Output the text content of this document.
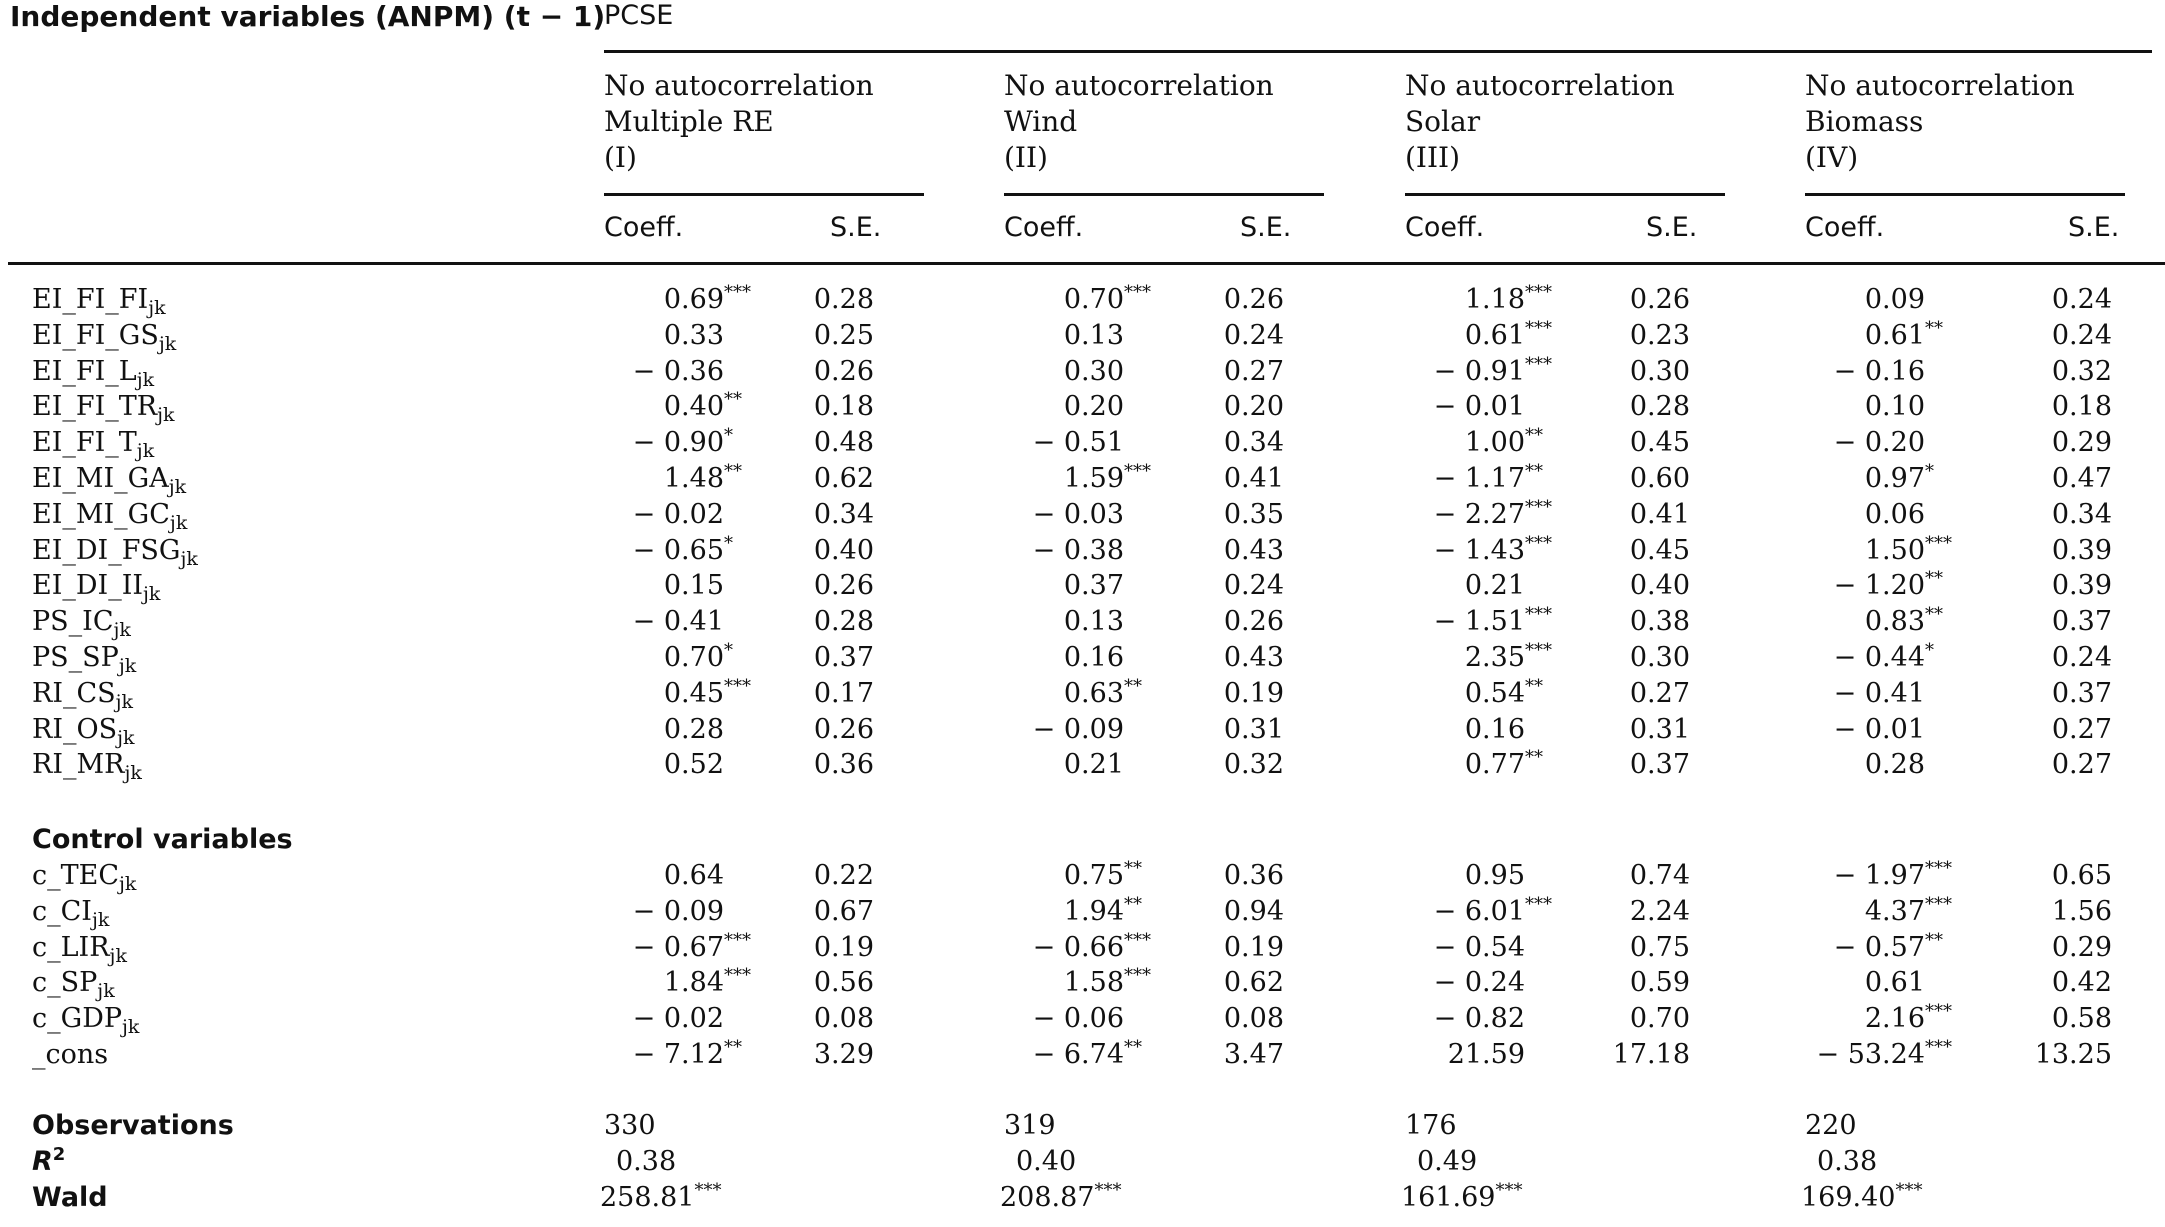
Independent variables (ANPM) (t − 1)
PCSE
No autocorrelation
Multiple RE
(I)
No autocorrelation
Wind
(II)
No autocorrelation
Solar
(III)
No autocorrelation
Biomass
(IV)
Coeff.	S.E.	Coeff.	S.E.	Coeff.	S.E.	Coeff.	S.E.
$EI\_FI\_FI_{jk}$	0.69***	0.28	0.70***	0.26	1.18***	0.26	0.09	0.24
$EI\_FI\_GS_{jk}$	0.33	0.25	0.13	0.24	0.61***	0.23	0.61**	0.24
$EI\_FI\_L_{jk}$	− 0.36	0.26	0.30	0.27	− 0.91***	0.30	− 0.16	0.32
$EI\_FI\_TR_{jk}$	0.40**	0.18	0.20	0.20	− 0.01	0.28	0.10	0.18
$EI\_FI\_T_{jk}$	− 0.90*	0.48	− 0.51	0.34	1.00**	0.45	− 0.20	0.29
$EI\_MI\_GA_{jk}$	1.48**	0.62	1.59***	0.41	− 1.17**	0.60	0.97*	0.47
$EI\_MI\_GC_{jk}$	− 0.02	0.34	− 0.03	0.35	− 2.27***	0.41	0.06	0.34
$EI\_DI\_FSG_{jk}$	− 0.65*	0.40	− 0.38	0.43	− 1.43***	0.45	1.50***	0.39
$EI\_DI\_II_{jk}$	0.15	0.26	0.37	0.24	0.21	0.40	− 1.20**	0.39
$PS\_IC_{jk}$	− 0.41	0.28	0.13	0.26	− 1.51***	0.38	0.83**	0.37
$PS\_SP_{jk}$	0.70*	0.37	0.16	0.43	2.35***	0.30	− 0.44*	0.24
$RI\_CS_{jk}$	0.45***	0.17	0.63**	0.19	0.54**	0.27	− 0.41	0.37
$RI\_OS_{jk}$	0.28	0.26	− 0.09	0.31	0.16	0.31	− 0.01	0.27
$RI\_MR_{jk}$	0.52	0.36	0.21	0.32	0.77**	0.37	0.28	0.27
Control variables
$c\_TEC_{jk}$	0.64	0.22	0.75**	0.36	0.95	0.74	− 1.97***	0.65
$c\_CI_{jk}$	− 0.09	0.67	1.94**	0.94	− 6.01***	2.24	4.37***	1.56
$c\_LIR_{jk}$	− 0.67***	0.19	− 0.66***	0.19	− 0.54	0.75	− 0.57**	0.29
$c\_SP_{jk}$	1.84***	0.56	1.58***	0.62	− 0.24	0.59	0.61	0.42
$c\_GDP_{jk}$	− 0.02	0.08	− 0.06	0.08	− 0.82	0.70	2.16***	0.58
_cons	− 7.12**	3.29	− 6.74**	3.47	21.59	17.18	− 53.24***	13.25
Observations	330	319	176	220
$R^2$	0.38	0.40	0.49	0.38
Wald	258.81***	208.87***	161.69***	169.40***
